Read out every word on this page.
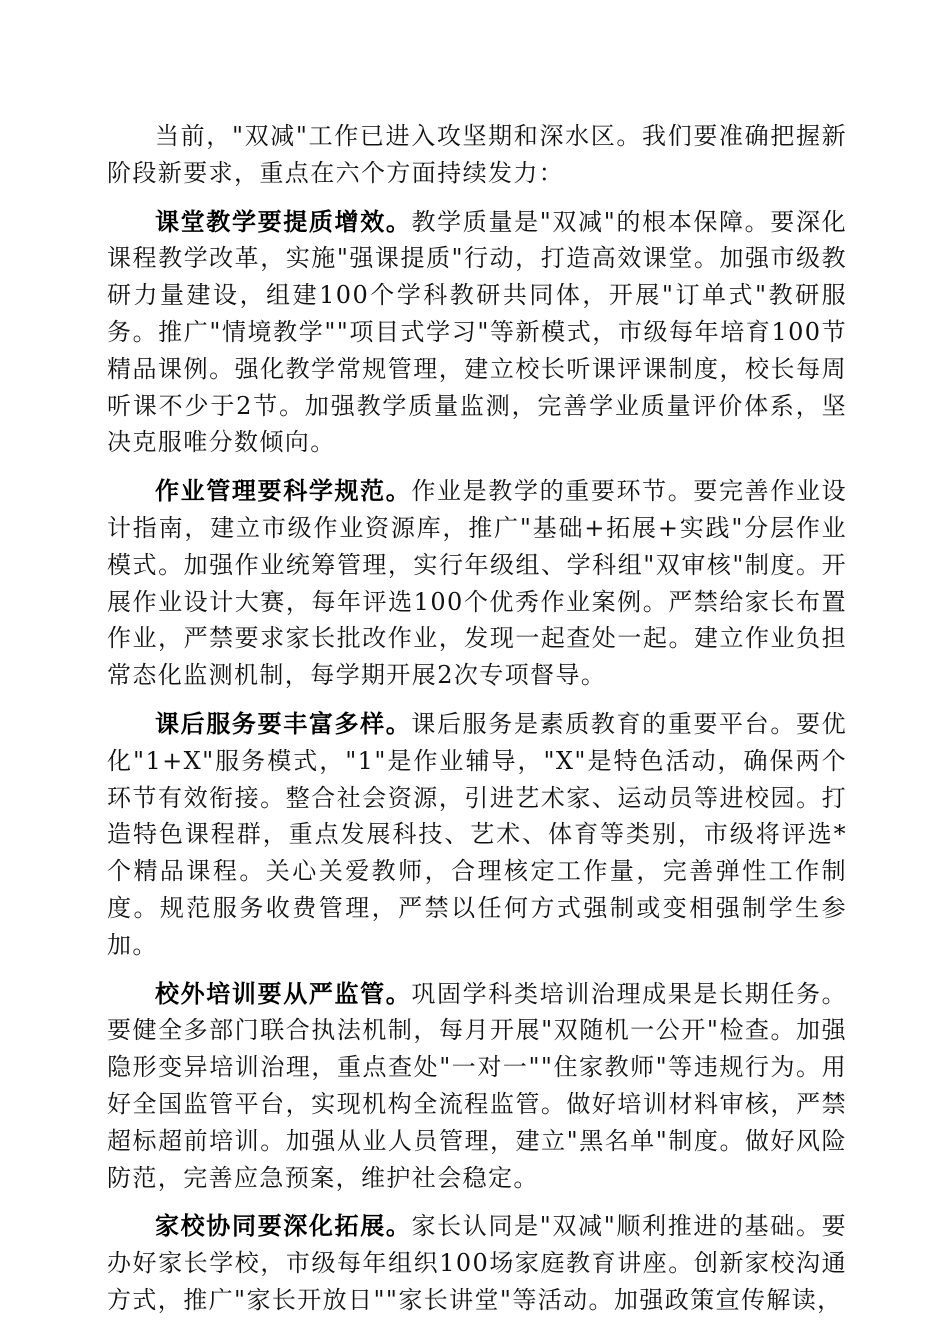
当前，"双减"工作已进入攻坚期和深水区。我们要准确把握新阶段新要求，重点在六个方面持续发力：

课堂教学要提质增效。教学质量是"双减"的根本保障。要深化课程教学改革，实施"强课提质"行动，打造高效课堂。加强市级教研力量建设，组建100个学科教研共同体，开展"订单式"教研服务。推广"情境教学""项目式学习"等新模式，市级每年培育100节精品课例。强化教学常规管理，建立校长听课评课制度，校长每周听课不少于2节。加强教学质量监测，完善学业质量评价体系，坚决克服唯分数倾向。

作业管理要科学规范。作业是教学的重要环节。要完善作业设计指南，建立市级作业资源库，推广"基础+拓展+实践"分层作业模式。加强作业统筹管理，实行年级组、学科组"双审核"制度。开展作业设计大赛，每年评选100个优秀作业案例。严禁给家长布置作业，严禁要求家长批改作业，发现一起查处一起。建立作业负担常态化监测机制，每学期开展2次专项督导。

课后服务要丰富多样。课后服务是素质教育的重要平台。要优化"1+X"服务模式，"1"是作业辅导，"X"是特色活动，确保两个环节有效衔接。整合社会资源，引进艺术家、运动员等进校园。打造特色课程群，重点发展科技、艺术、体育等类别，市级将评选*个精品课程。关心关爱教师，合理核定工作量，完善弹性工作制度。规范服务收费管理，严禁以任何方式强制或变相强制学生参加。

校外培训要从严监管。巩固学科类培训治理成果是长期任务。要健全多部门联合执法机制，每月开展"双随机一公开"检查。加强隐形变异培训治理，重点查处"一对一""住家教师"等违规行为。用好全国监管平台，实现机构全流程监管。做好培训材料审核，严禁超标超前培训。加强从业人员管理，建立"黑名单"制度。做好风险防范，完善应急预案，维护社会稳定。

家校协同要深化拓展。家长认同是"双减"顺利推进的基础。要办好家长学校，市级每年组织100场家庭教育讲座。创新家校沟通方式，推广"家长开放日""家长讲堂"等活动。加强政策宣传解读，
